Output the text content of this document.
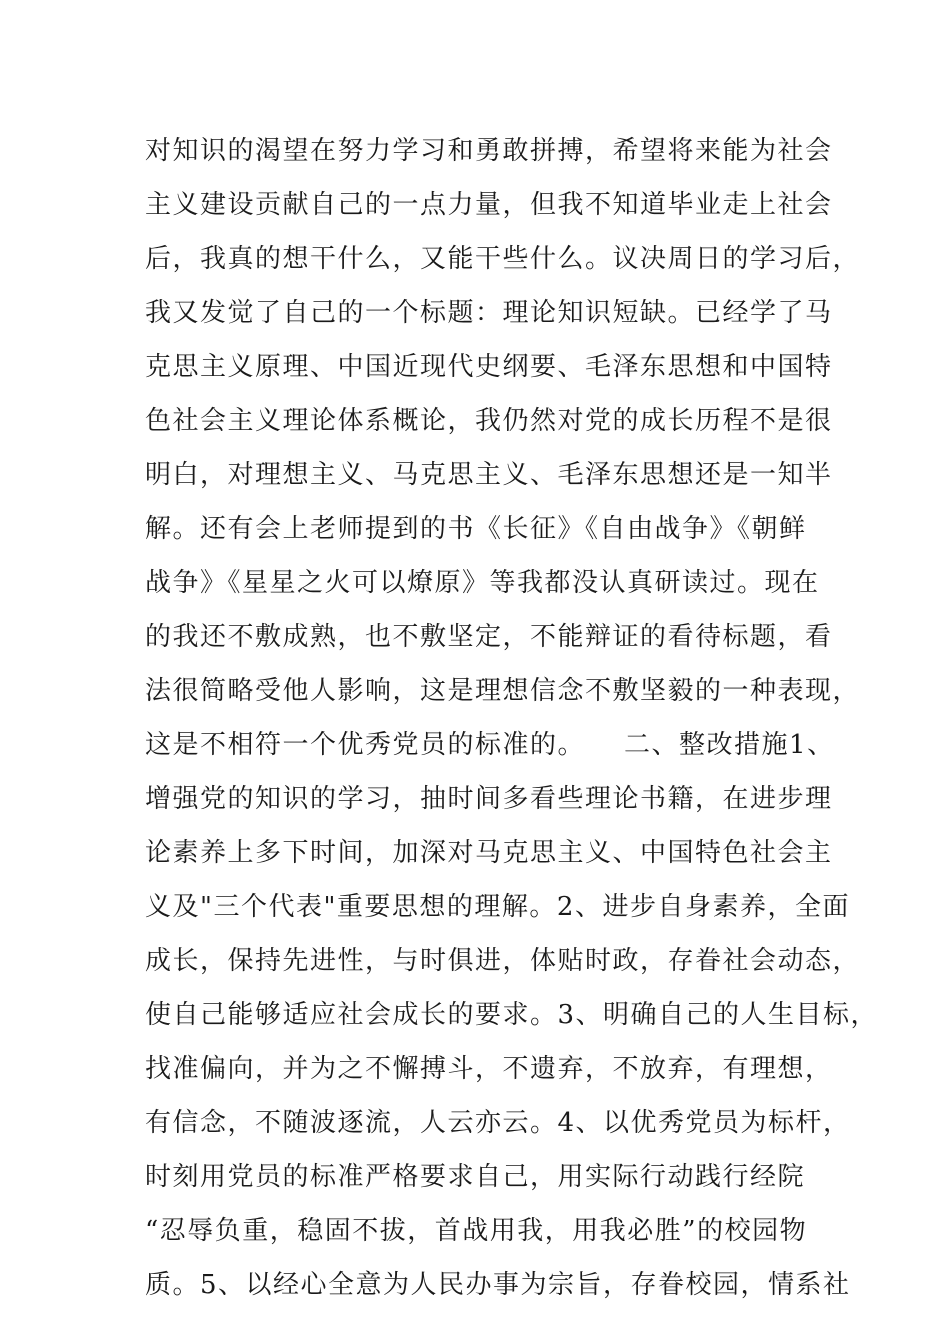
对知识的渴望在努力学习和勇敢拼搏，希望将来能为社会
主义建设贡献自己的一点力量，但我不知道毕业走上社会
后，我真的想干什么，又能干些什么。议决周日的学习后，
我又发觉了自己的一个标题：理论知识短缺。已经学了马
克思主义原理、中国近现代史纲要、毛泽东思想和中国特
色社会主义理论体系概论，我仍然对党的成长历程不是很
明白，对理想主义、马克思主义、毛泽东思想还是一知半
解。还有会上老师提到的书《长征》《自由战争》《朝鲜
战争》《星星之火可以燎原》等我都没认真研读过。现在
的我还不敷成熟，也不敷坚定，不能辩证的看待标题，看
法很简略受他人影响，这是理想信念不敷坚毅的一种表现，
这是不相符一个优秀党员的标准的。    二、整改措施1、
增强党的知识的学习，抽时间多看些理论书籍，在进步理
论素养上多下时间，加深对马克思主义、中国特色社会主
义及"三个代表"重要思想的理解。2、进步自身素养，全面
成长，保持先进性，与时俱进，体贴时政，存眷社会动态，
使自己能够适应社会成长的要求。3、明确自己的人生目标，
找准偏向，并为之不懈搏斗，不遗弃，不放弃，有理想，
有信念，不随波逐流，人云亦云。4、以优秀党员为标杆，
时刻用党员的标准严格要求自己，用实际行动践行经院
“忍辱负重，稳固不拔，首战用我，用我必胜”的校园物
质。5、以经心全意为人民办事为宗旨，存眷校园，情系社
